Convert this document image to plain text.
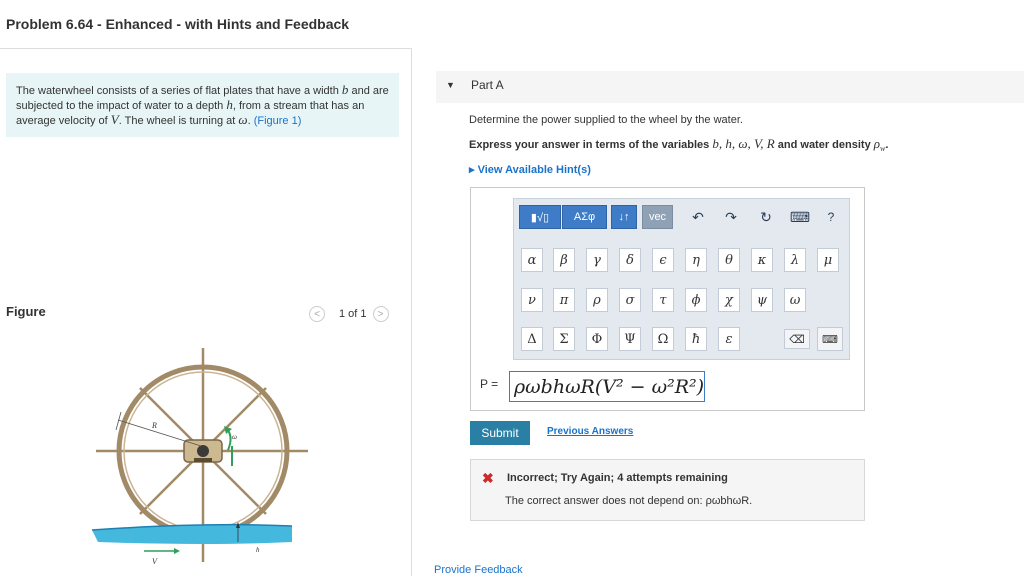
Problem 6.64 - Enhanced - with Hints and Feedback
The waterwheel consists of a series of flat plates that have a width b and are subjected to the impact of water to a depth h, from a stream that has an average velocity of V. The wheel is turning at ω. (Figure 1)
Figure	<	1 of 1	>
R
ω
h
V
▼ Part A
Determine the power supplied to the wheel by the water.
Express your answer in terms of the variables b, h, ω, V, R and water density $\rho_w$.
▸ View Available Hint(s)
▮√▯	ΑΣφ	↓↑	vec	↶ ↷ ↻ ⌨	?
α	β	γ	δ	ϵ	η	θ	κ	λ	μ
ν	π	ρ	σ	τ	ϕ	χ	ψ	ω
Δ	Σ	Φ	Ψ	Ω	ħ	ɛ	⌫	⌨
P = ρωbhωR(V² − ω²R²)
Submit	Previous Answers
✖ Incorrect; Try Again; 4 attempts remaining
The correct answer does not depend on: ρωbhωR.
Provide Feedback
